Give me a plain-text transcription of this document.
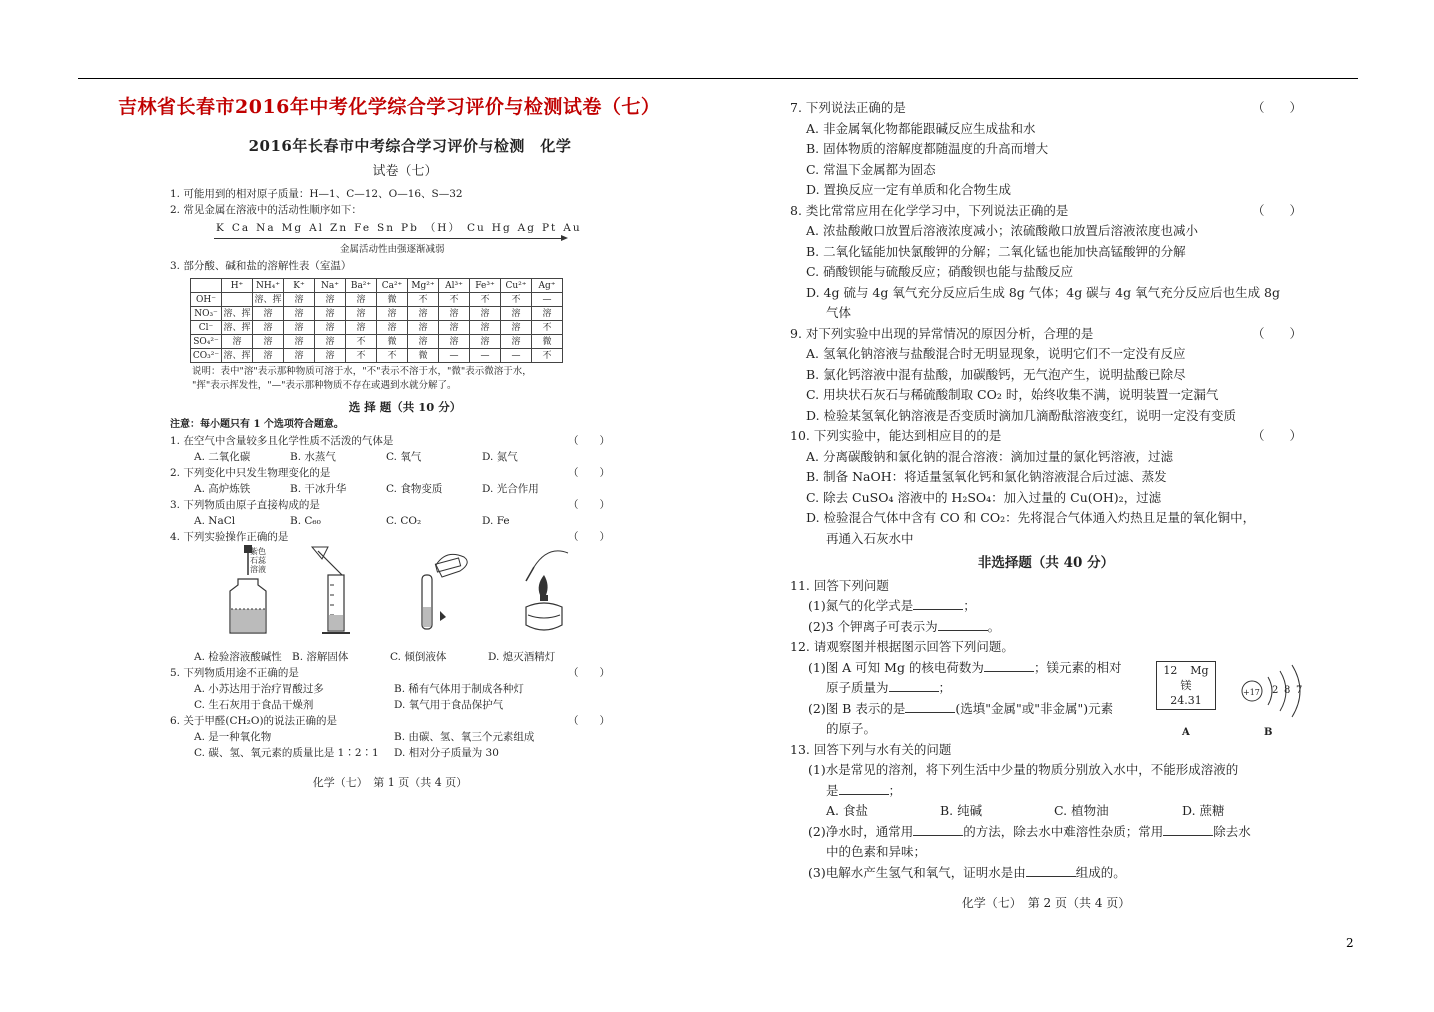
吉林省长春市2016年中考化学综合学习评价与检测试卷（七）
2016年长春市中考综合学习评价与检测　化学
试卷（七）
1. 可能用到的相对原子质量：H—1、C—12、O—16、S—32
2. 常见金属在溶液中的活动性顺序如下：
K Ca Na Mg Al Zn Fe Sn Pb （H） Cu Hg Ag Pt Au
金属活动性由强逐渐减弱
3. 部分酸、碱和盐的溶解性表（室温）
	H⁺	NH₄⁺	K⁺	Na⁺	Ba²⁺	Ca²⁺	Mg²⁺	Al³⁺	Fe³⁺	Cu²⁺	Ag⁺
OH⁻		溶、挥	溶	溶	溶	微	不	不	不	不	—
NO₃⁻	溶、挥	溶	溶	溶	溶	溶	溶	溶	溶	溶	溶
Cl⁻	溶、挥	溶	溶	溶	溶	溶	溶	溶	溶	溶	不
SO₄²⁻	溶	溶	溶	溶	不	微	溶	溶	溶	溶	微
CO₃²⁻	溶、挥	溶	溶	溶	不	不	微	—	—	—	不
说明：表中"溶"表示那种物质可溶于水，"不"表示不溶于水，"微"表示微溶于水，
"挥"表示挥发性，"—"表示那种物质不存在或遇到水就分解了。
选 择 题（共 10 分）
注意：每小题只有 1 个选项符合题意。
1. 在空气中含量较多且化学性质不活泼的气体是	（　　）
A. 二氧化碳	B. 水蒸气	C. 氧气	D. 氮气
2. 下列变化中只发生物理变化的是	（　　）
A. 高炉炼铁	B. 干冰升华	C. 食物变质	D. 光合作用
3. 下列物质由原子直接构成的是	（　　）
A. NaCl	B. C₆₀	C. CO₂	D. Fe
4. 下列实验操作正确的是	（　　）
紫色石蕊溶液
A. 检验溶液酸碱性 B. 溶解固体	C. 倾倒液体	D. 熄灭酒精灯
5. 下列物质用途不正确的是	（　　）
A. 小苏达用于治疗胃酸过多	B. 稀有气体用于制成各种灯
C. 生石灰用于食品干燥剂	D. 氧气用于食品保护气
6. 关于甲醛(CH₂O)的说法正确的是	（　　）
A. 是一种氧化物	B. 由碳、氢、氧三个元素组成
C. 碳、氢、氧元素的质量比是 1∶2∶1	D. 相对分子质量为 30
化学（七）　第 1 页（共 4 页）
7. 下列说法正确的是	（　　）
A. 非金属氧化物都能跟碱反应生成盐和水
B. 固体物质的溶解度都随温度的升高而增大
C. 常温下金属都为固态
D. 置换反应一定有单质和化合物生成
8. 类比常常应用在化学学习中，下列说法正确的是	（　　）
A. 浓盐酸敞口放置后溶液浓度减小；浓硫酸敞口放置后溶液浓度也减小
B. 二氧化锰能加快氯酸钾的分解；二氧化锰也能加快高锰酸钾的分解
C. 硝酸钡能与硫酸反应；硝酸钡也能与盐酸反应
D. 4g 硫与 4g 氧气充分反应后生成 8g 气体；4g 碳与 4g 氧气充分反应后也生成 8g
气体
9. 对下列实验中出现的异常情况的原因分析，合理的是	（　　）
A. 氢氧化钠溶液与盐酸混合时无明显现象，说明它们不一定没有反应
B. 氯化钙溶液中混有盐酸，加碳酸钙，无气泡产生，说明盐酸已除尽
C. 用块状石灰石与稀硫酸制取 CO₂ 时，始终收集不满，说明装置一定漏气
D. 检验某氢氧化钠溶液是否变质时滴加几滴酚酞溶液变红，说明一定没有变质
10. 下列实验中，能达到相应目的的是	（　　）
A. 分离碳酸钠和氯化钠的混合溶液：滴加过量的氯化钙溶液，过滤
B. 制备 NaOH：将适量氢氧化钙和氯化钠溶液混合后过滤、蒸发
C. 除去 CuSO₄ 溶液中的 H₂SO₄：加入过量的 Cu(OH)₂，过滤
D. 检验混合气体中含有 CO 和 CO₂：先将混合气体通入灼热且足量的氧化铜中，
再通入石灰水中
非选择题（共 40 分）
11. 回答下列问题
(1)氮气的化学式是	；
(2)3 个钾离子可表示为	。
12. 请观察图并根据图示回答下列问题。
(1)图 A 可知 Mg 的核电荷数为	；镁元素的相对
原子质量为	；
(2)图 B 表示的是	(选填"金属"或"非金属")元素
的原子。
12 Mg
镁
24.31
A
+17 2 8 7
B
13. 回答下列与水有关的问题
(1)水是常见的溶剂，将下列生活中少量的物质分别放入水中，不能形成溶液的
是	；
A. 食盐	B. 纯碱	C. 植物油	D. 蔗糖
(2)净水时，通常用	的方法，除去水中难溶性杂质；常用	除去水
中的色素和异味；
(3)电解水产生氢气和氧气，证明水是由	组成的。
化学（七）　第 2 页（共 4 页）
2
